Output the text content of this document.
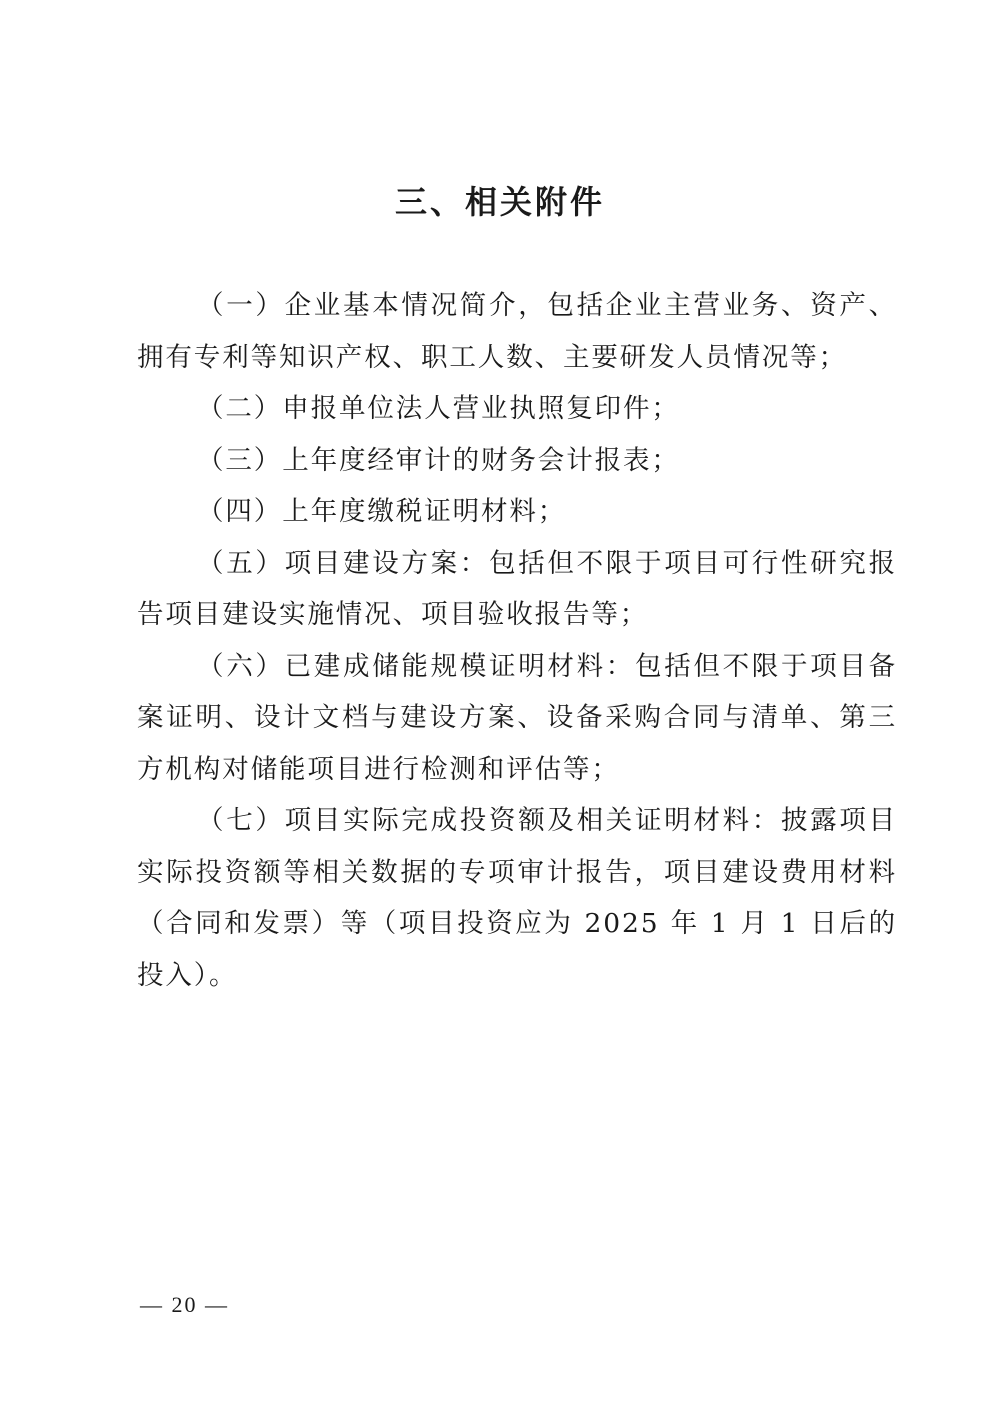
三、相关附件

（一）企业基本情况简介，包括企业主营业务、资产、拥有专利等知识产权、职工人数、主要研发人员情况等；

（二）申报单位法人营业执照复印件；

（三）上年度经审计的财务会计报表；

（四）上年度缴税证明材料；

（五）项目建设方案：包括但不限于项目可行性研究报告项目建设实施情况、项目验收报告等；

（六）已建成储能规模证明材料：包括但不限于项目备案证明、设计文档与建设方案、设备采购合同与清单、第三方机构对储能项目进行检测和评估等；

（七）项目实际完成投资额及相关证明材料：披露项目实际投资额等相关数据的专项审计报告，项目建设费用材料（合同和发票）等（项目投资应为 2025 年 1 月 1 日后的投入）。

— 20 —
